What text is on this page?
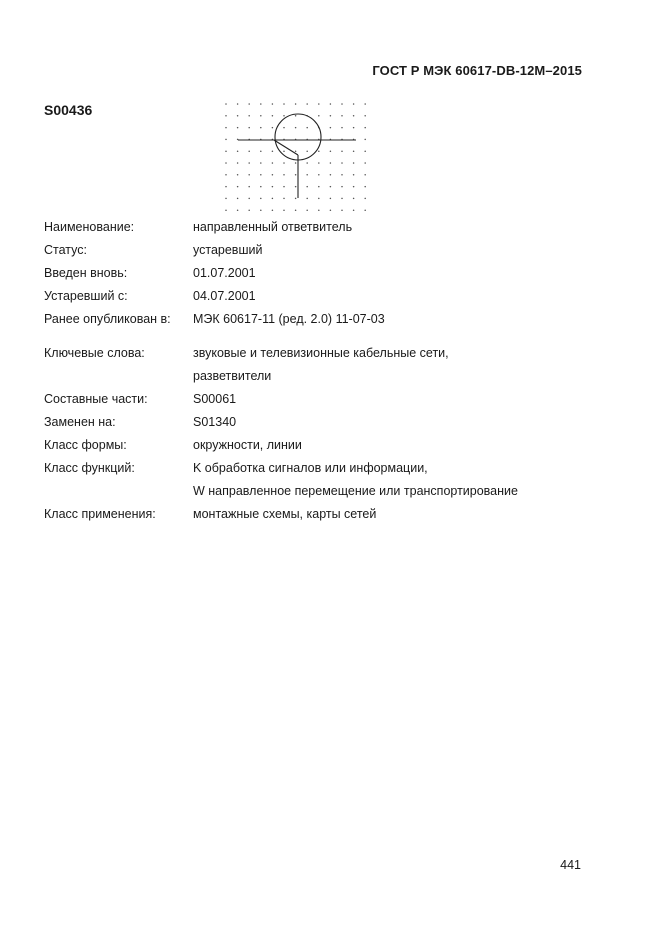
ГОСТ Р МЭК 60617-DB-12M–2015
S00436
Наименование:	направленный ответвитель
Статус:	устаревший
Введен вновь:	01.07.2001
Устаревший с:	04.07.2001
Ранее опубликован в: МЭК 60617-11 (ред. 2.0) 11-07-03
Ключевые слова:	звуковые и телевизионные кабельные сети,
разветвители
Составные части:	S00061
Заменен на:	S01340
Класс формы:	окружности, линии
Класс функций:	K обработка сигналов или информации,
W направленное перемещение или транспортирование
Класс применения:	монтажные схемы, карты сетей
441
